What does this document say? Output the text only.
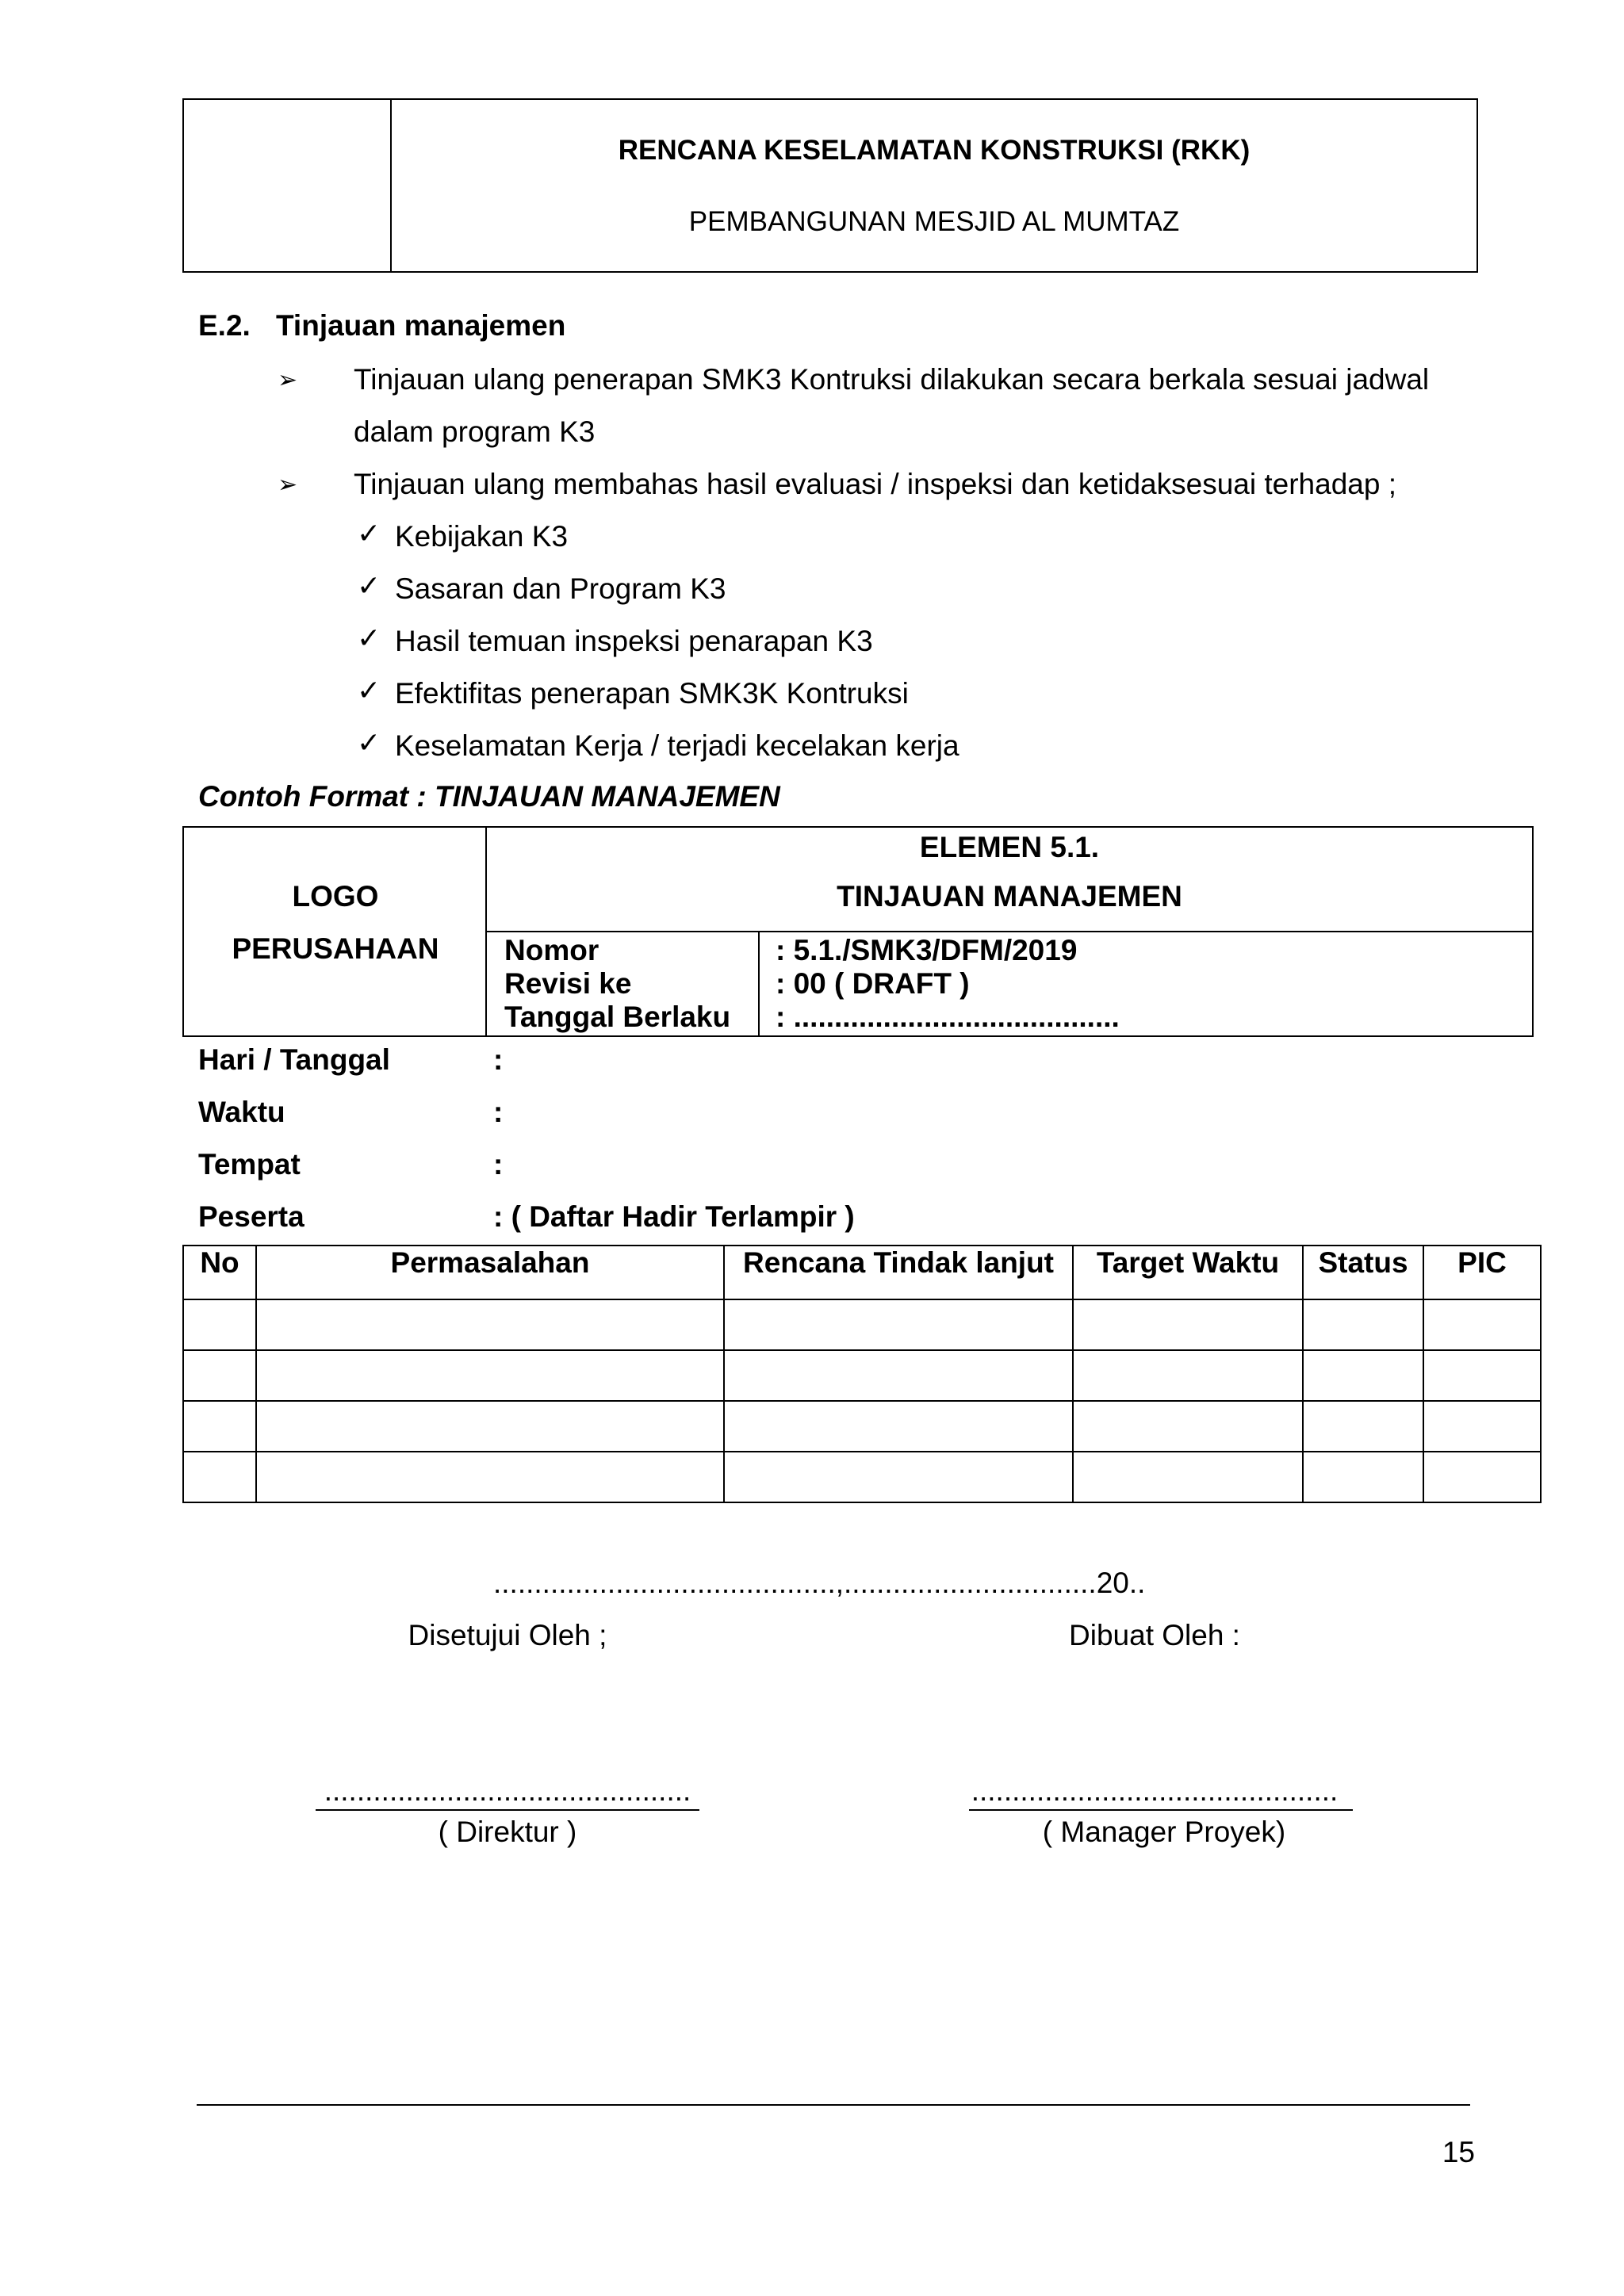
RENCANA KESELAMATAN KONSTRUKSI (RKK)
PEMBANGUNAN MESJID AL MUMTAZ
E.2. Tinjauan manajemen
➢ Tinjauan ulang penerapan SMK3 Kontruksi dilakukan secara berkala sesuai jadwal
dalam program K3
➢ Tinjauan ulang membahas hasil evaluasi / inspeksi dan ketidaksesuai terhadap ;
✓ Kebijakan K3
✓ Sasaran dan Program K3
✓ Hasil temuan inspeksi penarapan K3
✓ Efektifitas penerapan SMK3K Kontruksi
✓ Keselamatan Kerja / terjadi kecelakan kerja
Contoh Format : TINJAUAN MANAJEMEN
LOGO
PERUSAHAAN
ELEMEN 5.1.
TINJAUAN MANAJEMEN
Nomor	: 5.1./SMK3/DFM/2019
Revisi ke	: 00 ( DRAFT )
Tanggal Berlaku : ........................................
Hari / Tanggal	:
Waktu	:
Tempat	:
Peserta	: ( Daftar Hadir Terlampir )
No	Permasalahan	Rencana Tindak lanjut	Target Waktu	Status	PIC

..........................................,...............................20..
Disetujui Oleh ;	Dibuat Oleh :
.............................................	.............................................
( Direktur )	( Manager Proyek)
15
